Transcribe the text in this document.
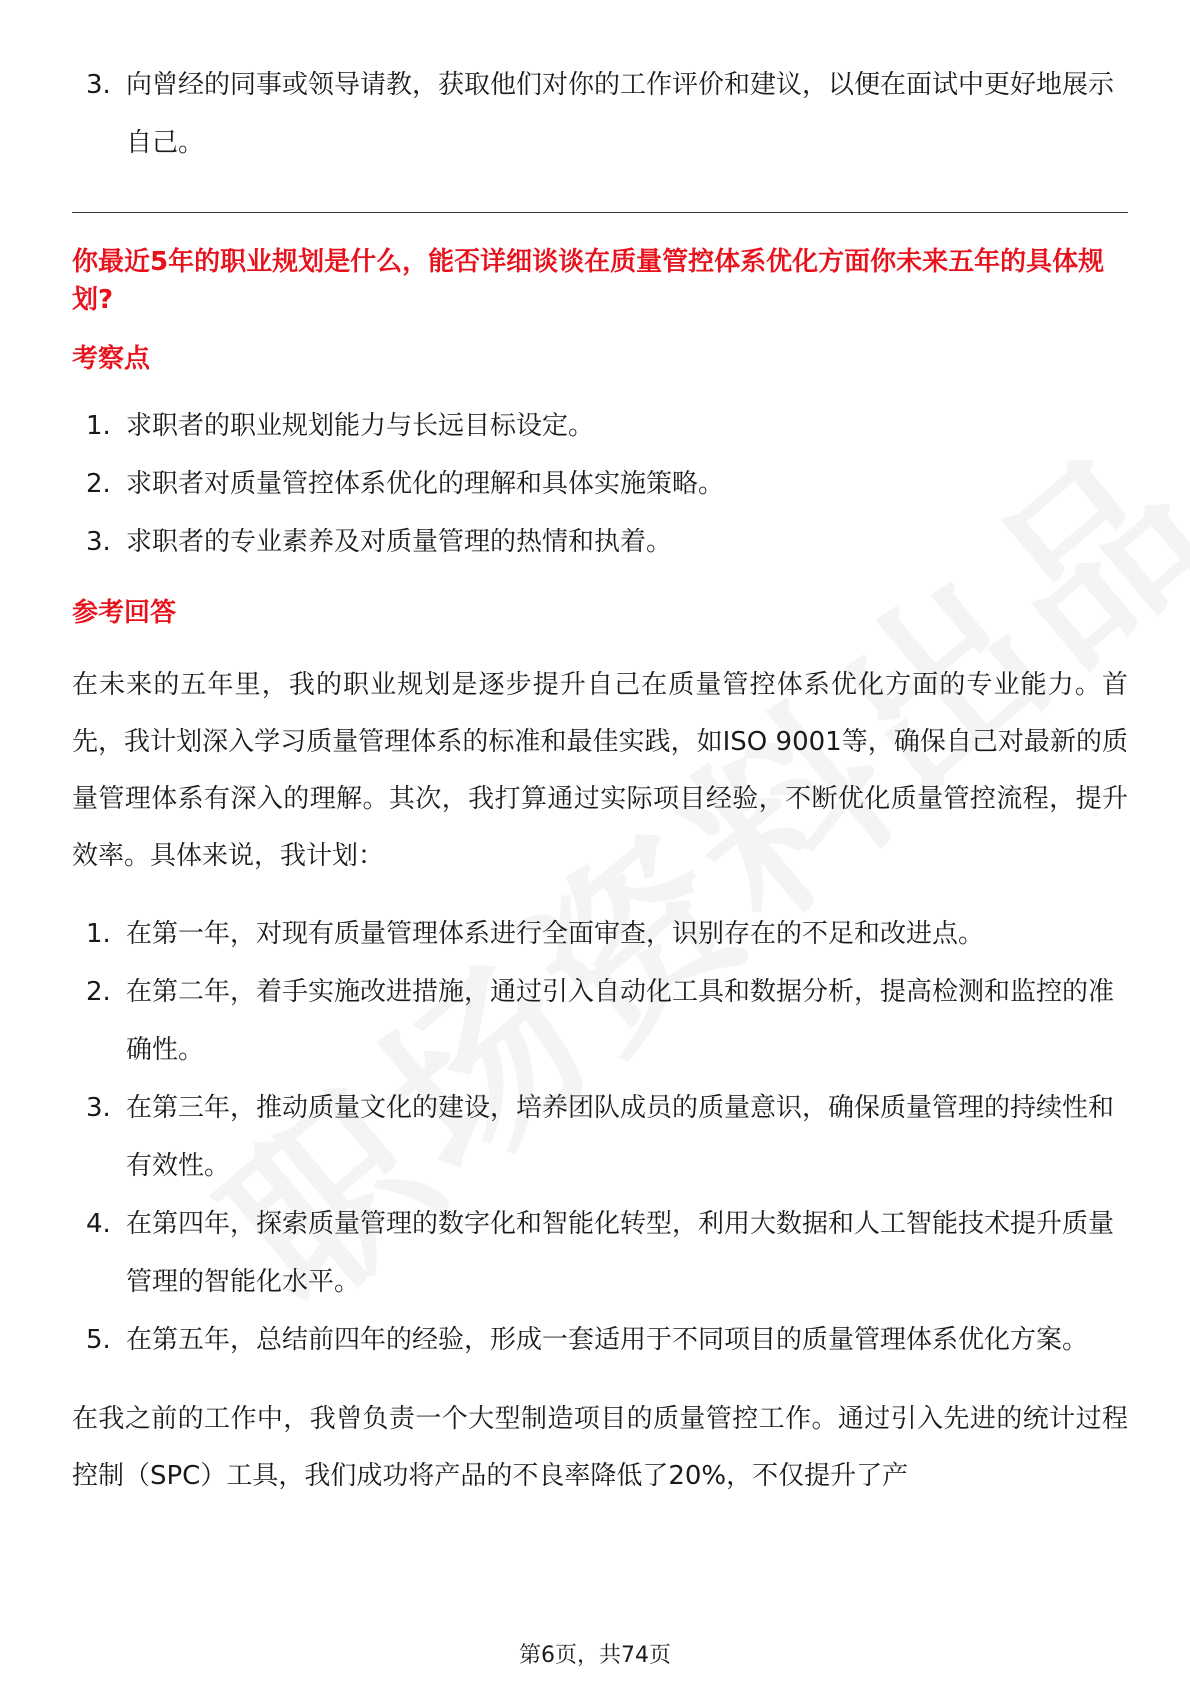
3. 向曾经的同事或领导请教，获取他们对你的工作评价和建议，以便在面试中更好地展示自己。

你最近5年的职业规划是什么，能否详细谈谈在质量管控体系优化方面你未来五年的具体规划?

考察点
1. 求职者的职业规划能力与长远目标设定。
2. 求职者对质量管控体系优化的理解和具体实施策略。
3. 求职者的专业素养及对质量管理的热情和执着。
参考回答

在未来的五年里，我的职业规划是逐步提升自己在质量管控体系优化方面的专业能力。首先，我计划深入学习质量管理体系的标准和最佳实践，如ISO 9001等，确保自己对最新的质量管理体系有深入的理解。其次，我打算通过实际项目经验，不断优化质量管控流程，提升效率。具体来说，我计划：

1. 在第一年，对现有质量管理体系进行全面审查，识别存在的不足和改进点。
2. 在第二年，着手实施改进措施，通过引入自动化工具和数据分析，提高检测和监控的准确性。
3. 在第三年，推动质量文化的建设，培养团队成员的质量意识，确保质量管理的持续性和有效性。
4. 在第四年，探索质量管理的数字化和智能化转型，利用大数据和人工智能技术提升质量管理的智能化水平。
5. 在第五年，总结前四年的经验，形成一套适用于不同项目的质量管理体系优化方案。

在我之前的工作中，我曾负责一个大型制造项目的质量管控工作。通过引入先进的统计过程控制（SPC）工具，我们成功将产品的不良率降低了20%，不仅提升了产

第6页，共74页
